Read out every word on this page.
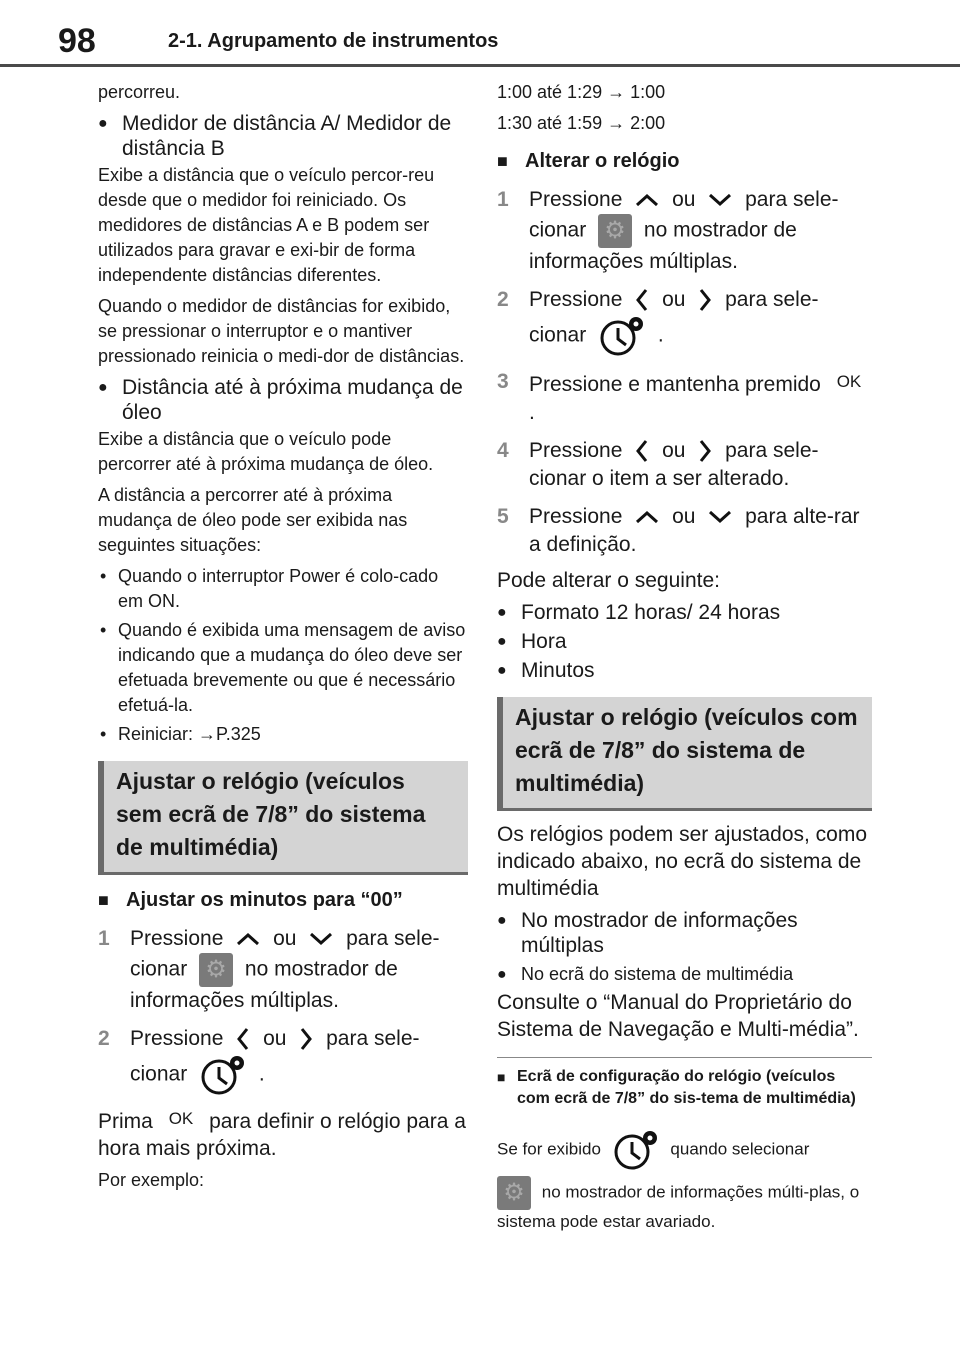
98	2-1. Agrupamento de instrumentos

percorreu.

● Medidor de distância A/ Medidor de distância B

Exibe a distância que o veículo percor-reu desde que o medidor foi reiniciado. Os medidores de distâncias A e B podem ser utilizados para gravar e exi-bir de forma independente distâncias diferentes.

Quando o medidor de distâncias for exibido, se pressionar o interruptor e o mantiver pressionado reinicia o medi-dor de distâncias.

● Distância até à próxima mudança de óleo

Exibe a distância que o veículo pode percorrer até à próxima mudança de óleo.

A distância a percorrer até à próxima mudança de óleo pode ser exibida nas seguintes situações:

• Quando o interruptor Power é colo-cado em ON.
• Quando é exibida uma mensagem de aviso indicando que a mudança do óleo deve ser efetuada brevemente ou que é necessário efetuá-la.
• Reiniciar: →P.325
Ajustar o relógio (veículos sem ecrã de 7/8” do sistema de multimédia)
■ Ajustar os minutos para “00”
1 Pressione ou para sele-cionar ⚙ no mostrador de informações múltiplas.
2 Pressione ou para sele-cionar	.

Prima OK para definir o relógio para a hora mais próxima.

Por exemplo:

1:00 até 1:29 → 1:00

1:30 até 1:59 → 2:00

■ Alterar o relógio
1 Pressione ou para sele-cionar ⚙ no mostrador de informações múltiplas.
2 Pressione ou para sele-cionar	.
3 Pressione e mantenha premido OK .
4 Pressione ou para sele-cionar o item a ser alterado.
5 Pressione ou para alte-rar a definição.

Pode alterar o seguinte:

● Formato 12 horas/ 24 horas
● Hora
● Minutos
Ajustar o relógio (veículos com ecrã de 7/8” do sistema de multimédia)

Os relógios podem ser ajustados, como indicado abaixo, no ecrã do sistema de multimédia

● No mostrador de informações múltiplas
● No ecrã do sistema de multimédia

Consulte o “Manual do Proprietário do Sistema de Navegação e Multi-média”.

■ Ecrã de configuração do relógio (veículos com ecrã de 7/8” do sis-tema de multimédia)

Se for exibido	quando selecionar

⚙ no mostrador de informações múlti-plas, o sistema pode estar avariado.
